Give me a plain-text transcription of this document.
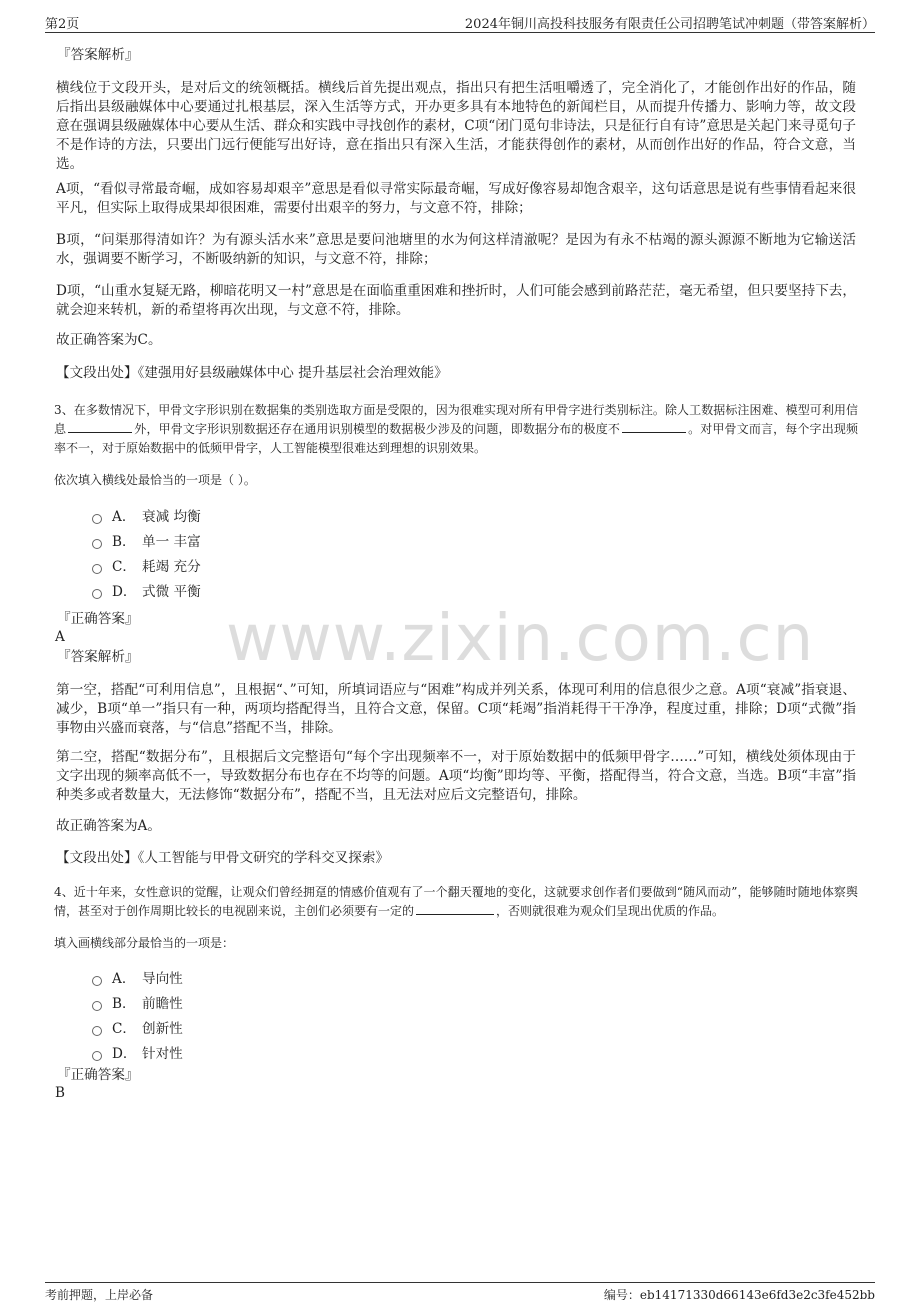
第2页	2024年铜川高投科技服务有限责任公司招聘笔试冲刺题（带答案解析）
『答案解析』

横线位于文段开头，是对后文的统领概括。横线后首先提出观点，指出只有把生活咀嚼透了，完全消化了，才能创作出好的作品，随后指出县级融媒体中心要通过扎根基层，深入生活等方式，开办更多具有本地特色的新闻栏目，从而提升传播力、影响力等，故文段意在强调县级融媒体中心要从生活、群众和实践中寻找创作的素材，C项“闭门觅句非诗法，只是征行自有诗”意思是关起门来寻觅句子不是作诗的方法，只要出门远行便能写出好诗，意在指出只有深入生活，才能获得创作的素材，从而创作出好的作品，符合文意，当选。

A项，“看似寻常最奇崛，成如容易却艰辛”意思是看似寻常实际最奇崛，写成好像容易却饱含艰辛，这句话意思是说有些事情看起来很平凡，但实际上取得成果却很困难，需要付出艰辛的努力，与文意不符，排除；

B项，“问渠那得清如许？为有源头活水来”意思是要问池塘里的水为何这样清澈呢？是因为有永不枯竭的源头源源不断地为它输送活水，强调要不断学习，不断吸纳新的知识，与文意不符，排除；

D项，“山重水复疑无路，柳暗花明又一村”意思是在面临重重困难和挫折时，人们可能会感到前路茫茫，毫无希望，但只要坚持下去，就会迎来转机，新的希望将再次出现，与文意不符，排除。

故正确答案为C。

【文段出处】《建强用好县级融媒体中心 提升基层社会治理效能》

3、在多数情况下，甲骨文字形识别在数据集的类别选取方面是受限的，因为很难实现对所有甲骨字进行类别标注。除人工数据标注困难、模型可利用信息	外，甲骨文字形识别数据还存在通用识别模型的数据极少涉及的问题，即数据分布的极度不	。对甲骨文而言，每个字出现频率不一，对于原始数据中的低频甲骨字，人工智能模型很难达到理想的识别效果。

依次填入横线处最恰当的一项是（ ）。

A． 衰减 均衡
B． 单一 丰富
C． 耗竭 充分
D． 式微 平衡
『正确答案』
A
『答案解析』

第一空，搭配“可利用信息”，且根据“、”可知，所填词语应与“困难”构成并列关系，体现可利用的信息很少之意。A项“衰减”指衰退、减少，B项“单一”指只有一种，两项均搭配得当，且符合文意，保留。C项“耗竭”指消耗得干干净净，程度过重，排除；D项“式微”指事物由兴盛而衰落，与“信息”搭配不当，排除。

第二空，搭配“数据分布”，且根据后文完整语句“每个字出现频率不一，对于原始数据中的低频甲骨字……”可知，横线处须体现由于文字出现的频率高低不一，导致数据分布也存在不均等的问题。A项“均衡”即均等、平衡，搭配得当，符合文意，当选。B项“丰富”指种类多或者数量大，无法修饰“数据分布”，搭配不当，且无法对应后文完整语句，排除。

故正确答案为A。

【文段出处】《人工智能与甲骨文研究的学科交叉探索》

4、近十年来，女性意识的觉醒，让观众们曾经拥趸的情感价值观有了一个翻天覆地的变化，这就要求创作者们要做到“随风而动”，能够随时随地体察舆情，甚至对于创作周期比较长的电视剧来说，主创们必须要有一定的	，否则就很难为观众们呈现出优质的作品。

填入画横线部分最恰当的一项是：

A． 导向性
B． 前瞻性
C． 创新性
D． 针对性
『正确答案』
B
www.zixin.com.cn
考前押题，上岸必备	编号：eb14171330d66143e6fd3e2c3fe452bb
